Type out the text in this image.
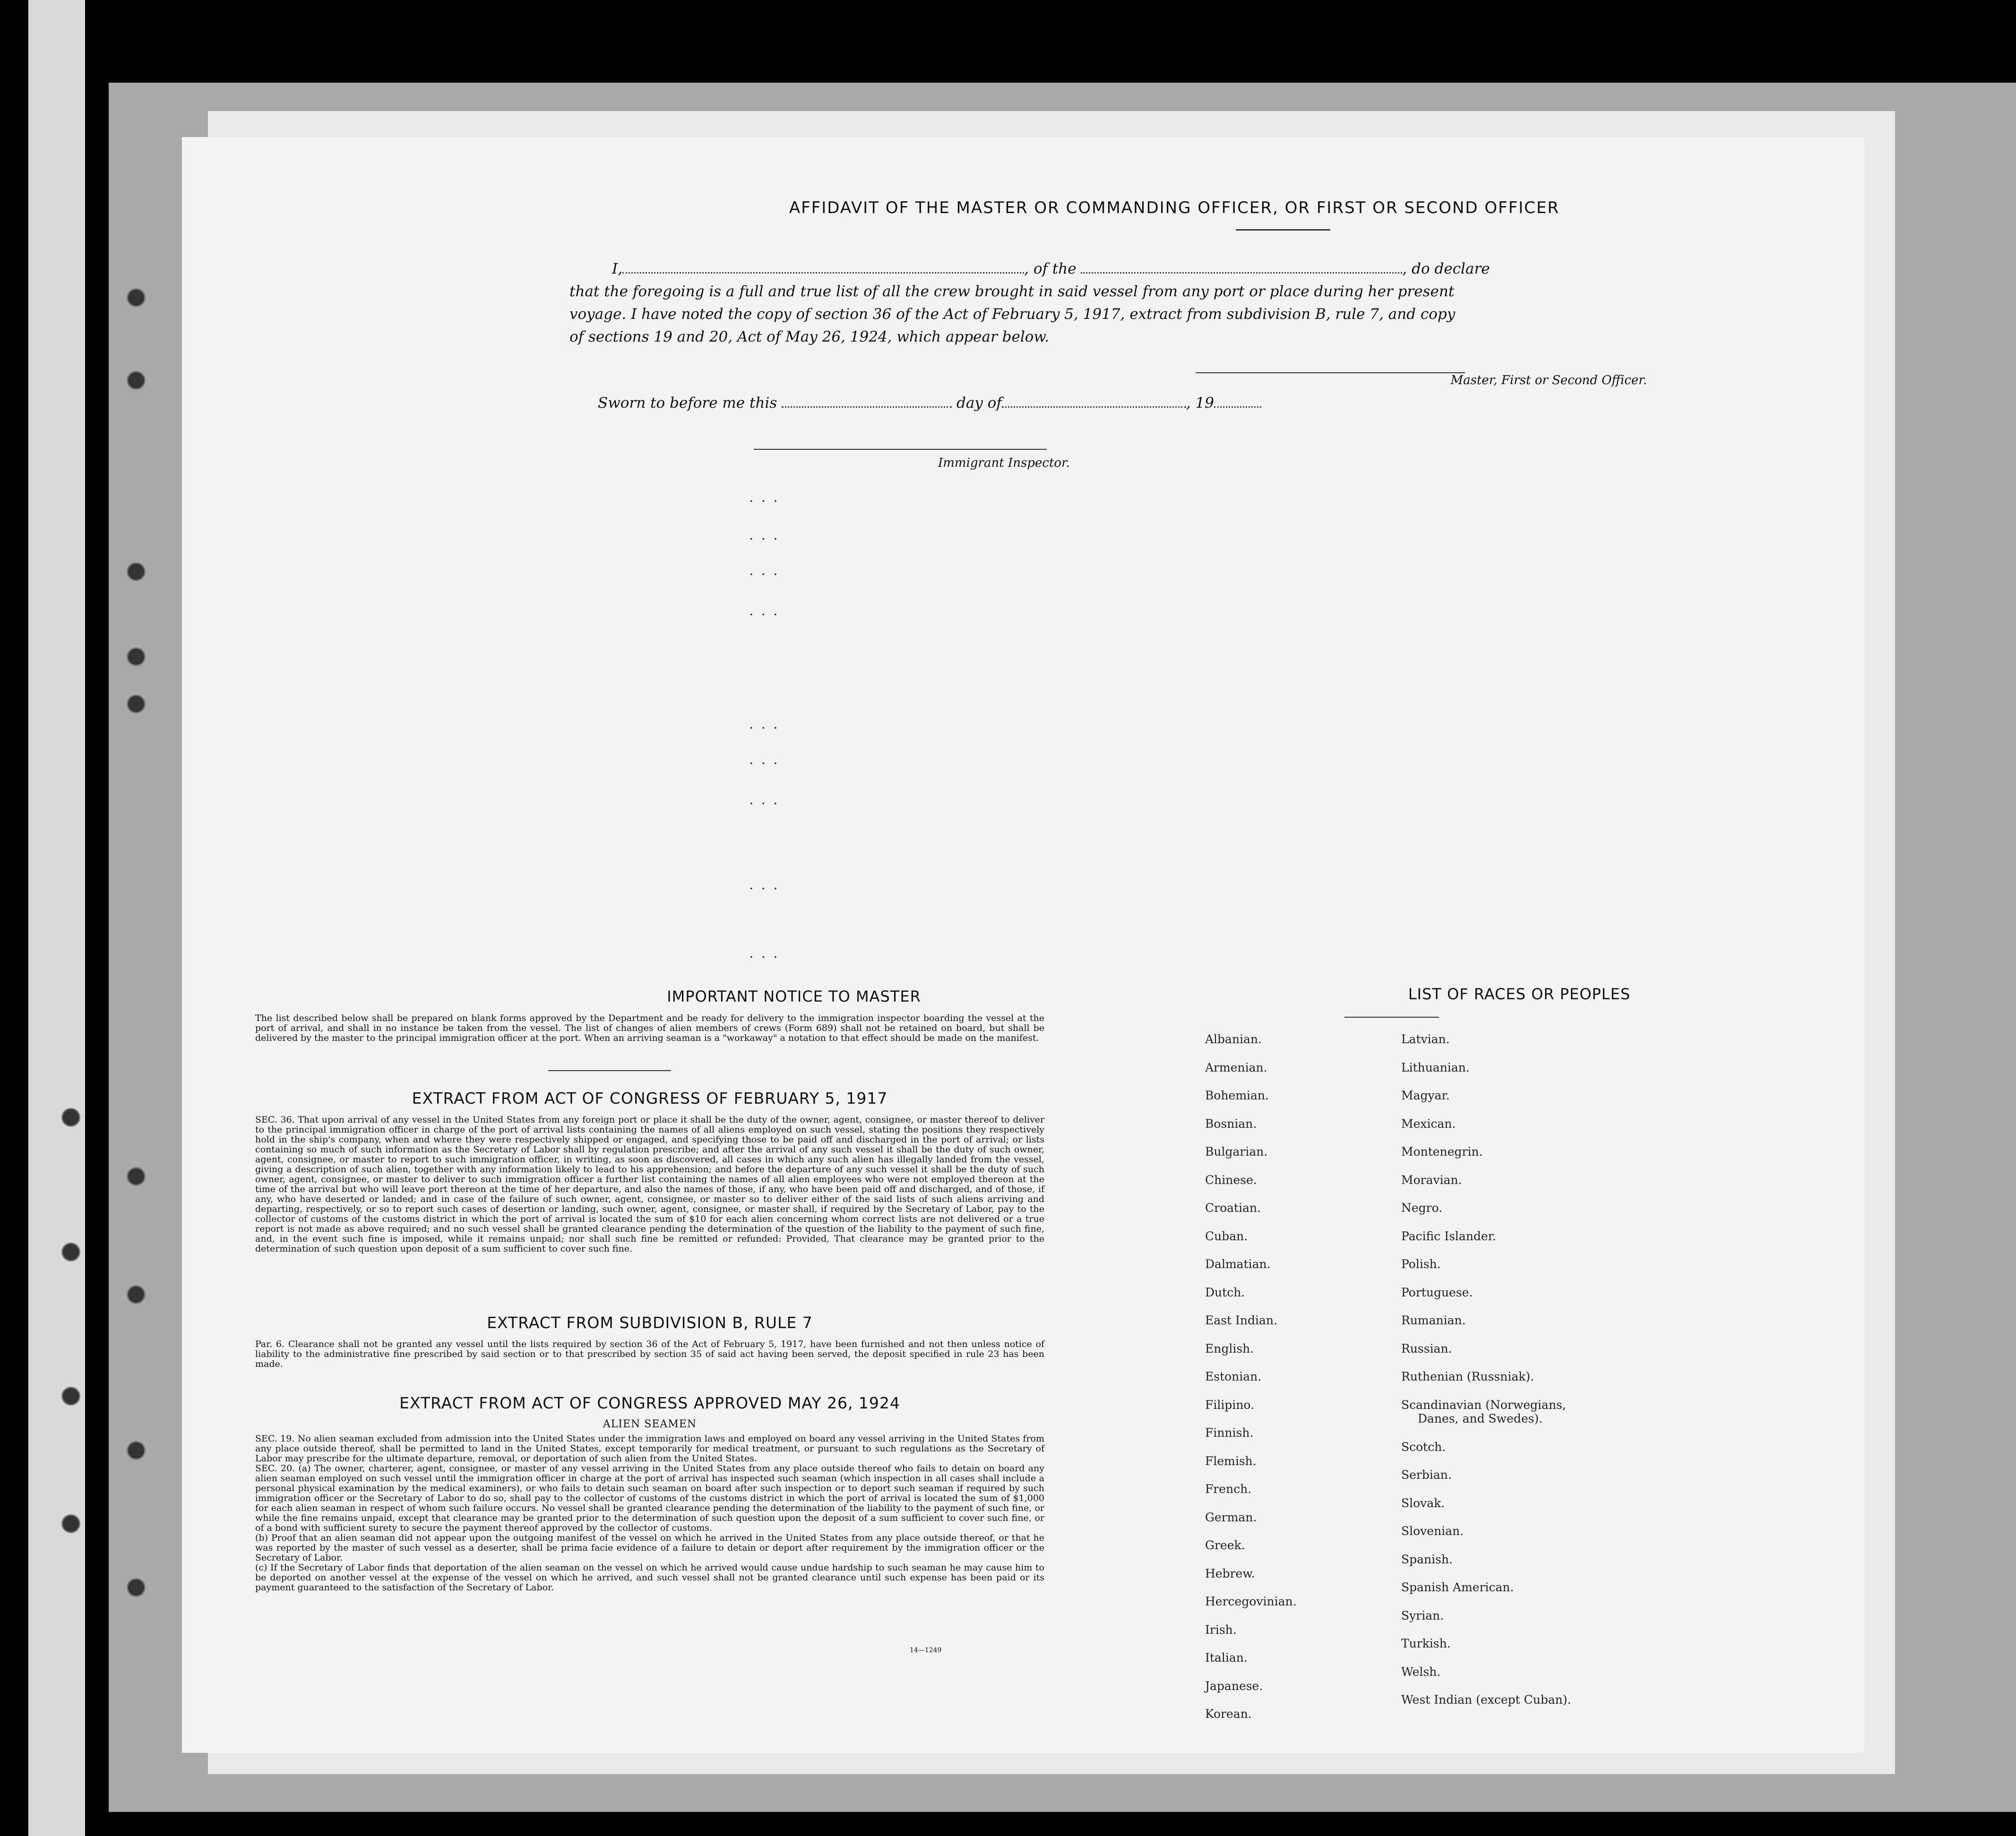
AFFIDAVIT OF THE MASTER OR COMMANDING OFFICER, OR FIRST OR SECOND OFFICER
I,	, of the	, do declare
that the foregoing is a full and true list of all the crew brought in said vessel from any port or place during her present
voyage. I have noted the copy of section 36 of the Act of February 5, 1917, extract from subdivision B, rule 7, and copy
of sections 19 and 20, Act of May 26, 1924, which appear below.
Master, First or Second Officer.
Sworn to before me this	day of	, 19
Immigrant Inspector.
...
...
...
...
...
...
...
...
...
IMPORTANT NOTICE TO MASTER
The list described below shall be prepared on blank forms approved by the Department and be ready for delivery to the immigration inspector boarding the vessel at the port of arrival, and shall in no instance be taken from the vessel. The list of changes of alien members of crews (Form 689) shall not be retained on board, but shall be delivered by the master to the principal immigration officer at the port. When an arriving seaman is a "workaway" a notation to that effect should be made on the manifest.
EXTRACT FROM ACT OF CONGRESS OF FEBRUARY 5, 1917
SEC. 36. That upon arrival of any vessel in the United States from any foreign port or place it shall be the duty of the owner, agent, consignee, or master thereof to deliver to the principal immigration officer in charge of the port of arrival lists containing the names of all aliens employed on such vessel, stating the positions they respectively hold in the ship's company, when and where they were respectively shipped or engaged, and specifying those to be paid off and discharged in the port of arrival; or lists containing so much of such information as the Secretary of Labor shall by regulation prescribe; and after the arrival of any such vessel it shall be the duty of such owner, agent, consignee, or master to report to such immigration officer, in writing, as soon as discovered, all cases in which any such alien has illegally landed from the vessel, giving a description of such alien, together with any information likely to lead to his apprehension; and before the departure of any such vessel it shall be the duty of such owner, agent, consignee, or master to deliver to such immigration officer a further list containing the names of all alien employees who were not employed thereon at the time of the arrival but who will leave port thereon at the time of her departure, and also the names of those, if any, who have been paid off and discharged, and of those, if any, who have deserted or landed; and in case of the failure of such owner, agent, consignee, or master so to deliver either of the said lists of such aliens arriving and departing, respectively, or so to report such cases of desertion or landing, such owner, agent, consignee, or master shall, if required by the Secretary of Labor, pay to the collector of customs of the customs district in which the port of arrival is located the sum of $10 for each alien concerning whom correct lists are not delivered or a true report is not made as above required; and no such vessel shall be granted clearance pending the determination of the question of the liability to the payment of such fine, and, in the event such fine is imposed, while it remains unpaid; nor shall such fine be remitted or refunded: Provided, That clearance may be granted prior to the determination of such question upon deposit of a sum sufficient to cover such fine.
EXTRACT FROM SUBDIVISION B, RULE 7
Par. 6. Clearance shall not be granted any vessel until the lists required by section 36 of the Act of February 5, 1917, have been furnished and not then unless notice of liability to the administrative fine prescribed by said section or to that prescribed by section 35 of said act having been served, the deposit specified in rule 23 has been made.
EXTRACT FROM ACT OF CONGRESS APPROVED MAY 26, 1924
ALIEN SEAMEN
SEC. 19. No alien seaman excluded from admission into the United States under the immigration laws and employed on board any vessel arriving in the United States from any place outside thereof, shall be permitted to land in the United States, except temporarily for medical treatment, or pursuant to such regulations as the Secretary of Labor may prescribe for the ultimate departure, removal, or deportation of such alien from the United States.
SEC. 20. (a) The owner, charterer, agent, consignee, or master of any vessel arriving in the United States from any place outside thereof who fails to detain on board any alien seaman employed on such vessel until the immigration officer in charge at the port of arrival has inspected such seaman (which inspection in all cases shall include a personal physical examination by the medical examiners), or who fails to detain such seaman on board after such inspection or to deport such seaman if required by such immigration officer or the Secretary of Labor to do so, shall pay to the collector of customs of the customs district in which the port of arrival is located the sum of $1,000 for each alien seaman in respect of whom such failure occurs. No vessel shall be granted clearance pending the determination of the liability to the payment of such fine, or while the fine remains unpaid, except that clearance may be granted prior to the determination of such question upon the deposit of a sum sufficient to cover such fine, or of a bond with sufficient surety to secure the payment thereof approved by the collector of customs.
(b) Proof that an alien seaman did not appear upon the outgoing manifest of the vessel on which he arrived in the United States from any place outside thereof, or that he was reported by the master of such vessel as a deserter, shall be prima facie evidence of a failure to detain or deport after requirement by the immigration officer or the Secretary of Labor.
(c) If the Secretary of Labor finds that deportation of the alien seaman on the vessel on which he arrived would cause undue hardship to such seaman he may cause him to be deported on another vessel at the expense of the vessel on which he arrived, and such vessel shall not be granted clearance until such expense has been paid or its payment guaranteed to the satisfaction of the Secretary of Labor.
14—1249
LIST OF RACES OR PEOPLES
Albanian.
Armenian.
Bohemian.
Bosnian.
Bulgarian.
Chinese.
Croatian.
Cuban.
Dalmatian.
Dutch.
East Indian.
English.
Estonian.
Filipino.
Finnish.
Flemish.
French.
German.
Greek.
Hebrew.
Hercegovinian.
Irish.
Italian.
Japanese.
Korean.
Latvian.
Lithuanian.
Magyar.
Mexican.
Montenegrin.
Moravian.
Negro.
Pacific Islander.
Polish.
Portuguese.
Rumanian.
Russian.
Ruthenian (Russniak).
Scandinavian (Norwegians,
Danes, and Swedes).
Scotch.
Serbian.
Slovak.
Slovenian.
Spanish.
Spanish American.
Syrian.
Turkish.
Welsh.
West Indian (except Cuban).
